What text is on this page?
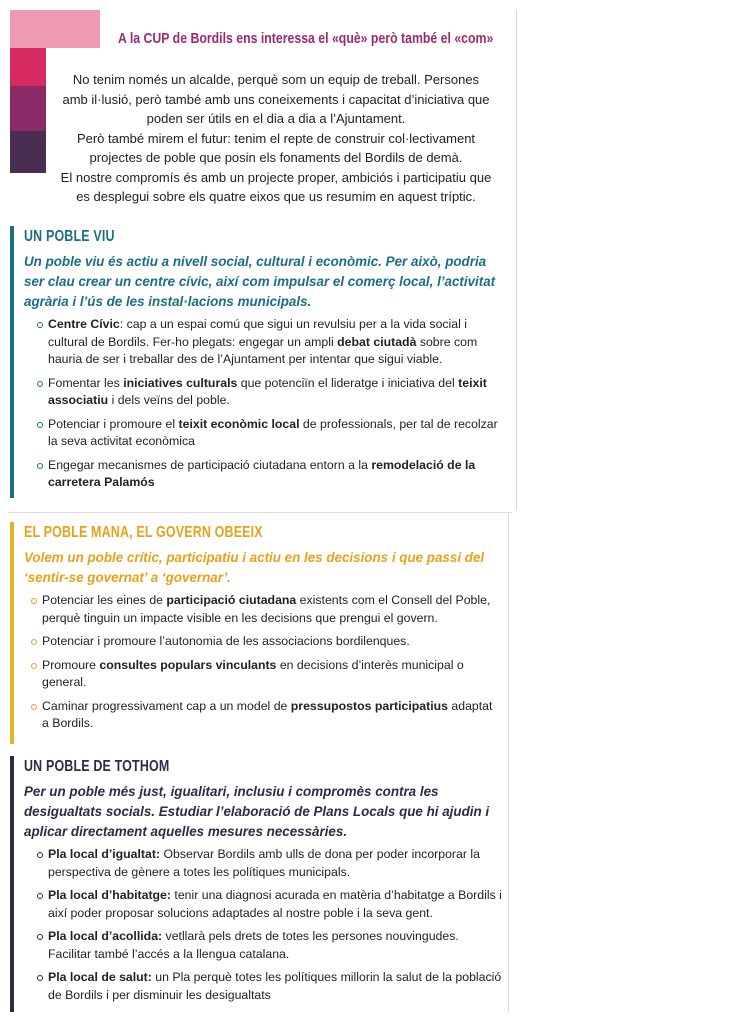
A la CUP de Bordils ens interessa el «què» però també el «com»

No tenim només un alcalde, perquè som un equip de treball. Persones amb il·lusió, però també amb uns coneixements i capacitat d’iniciativa que poden ser útils en el dia a dia a l’Ajuntament.

Però també mirem el futur: tenim el repte de construir col·lectivament projectes de poble que posin els fonaments del Bordils de demà.

El nostre compromís és amb un projecte proper, ambiciós i participatiu que es desplegui sobre els quatre eixos que us resumim en aquest tríptic.

UN POBLE VIU
Un poble viu és actiu a nivell social, cultural i econòmic. Per això, podria ser clau crear un centre cívic, així com impulsar el comerç local, l’activitat agrària i l’ús de les instal·lacions municipals.
Centre Cívic: cap a un espai comú que sigui un revulsiu per a la vida social i cultural de Bordils. Fer-ho plegats: engegar un ampli debat ciutadà sobre com hauria de ser i treballar des de l’Ajuntament per intentar que sigui viable.
Fomentar les iniciatives culturals que potenciïn el lideratge i iniciativa del teixit associatiu i dels veïns del poble.
Potenciar i promoure el teixit econòmic local de professionals, per tal de recolzar la seva activitat econòmica
Engegar mecanismes de participació ciutadana entorn a la remodelació de la carretera Palamós
EL POBLE MANA, EL GOVERN OBEEIX
Volem un poble crític, participatiu i actiu en les decisions i que passi del ‘sentir-se governat’ a ‘governar’.
Potenciar les eines de participació ciutadana existents com el Consell del Poble, perquè tinguin un impacte visible en les decisions que prengui el govern.
Potenciar i promoure l’autonomia de les associacions bordilenques.
Promoure consultes populars vinculants en decisions d’interès municipal o general.
Caminar progressivament cap a un model de pressupostos participatius adaptat a Bordils.
UN POBLE DE TOTHOM
Per un poble més just, igualitari, inclusiu i compromès contra les desigualtats socials. Estudiar l’elaboració de Plans Locals que hi ajudin i aplicar directament aquelles mesures necessàries.
Pla local d’igualtat: Observar Bordils amb ulls de dona per poder incorporar la perspectiva de gènere a totes les polítiques municipals.
Pla local d’habitatge: tenir una diagnosi acurada en matèria d’habitatge a Bordils i així poder proposar solucions adaptades al nostre poble i la seva gent.
Pla local d’acollida: vetllarà pels drets de totes les persones nouvingudes. Facilitar també l’accés a la llengua catalana.
Pla local de salut: un Pla perquè totes les polítiques millorin la salut de la població de Bordils i per disminuir les desigualtats
